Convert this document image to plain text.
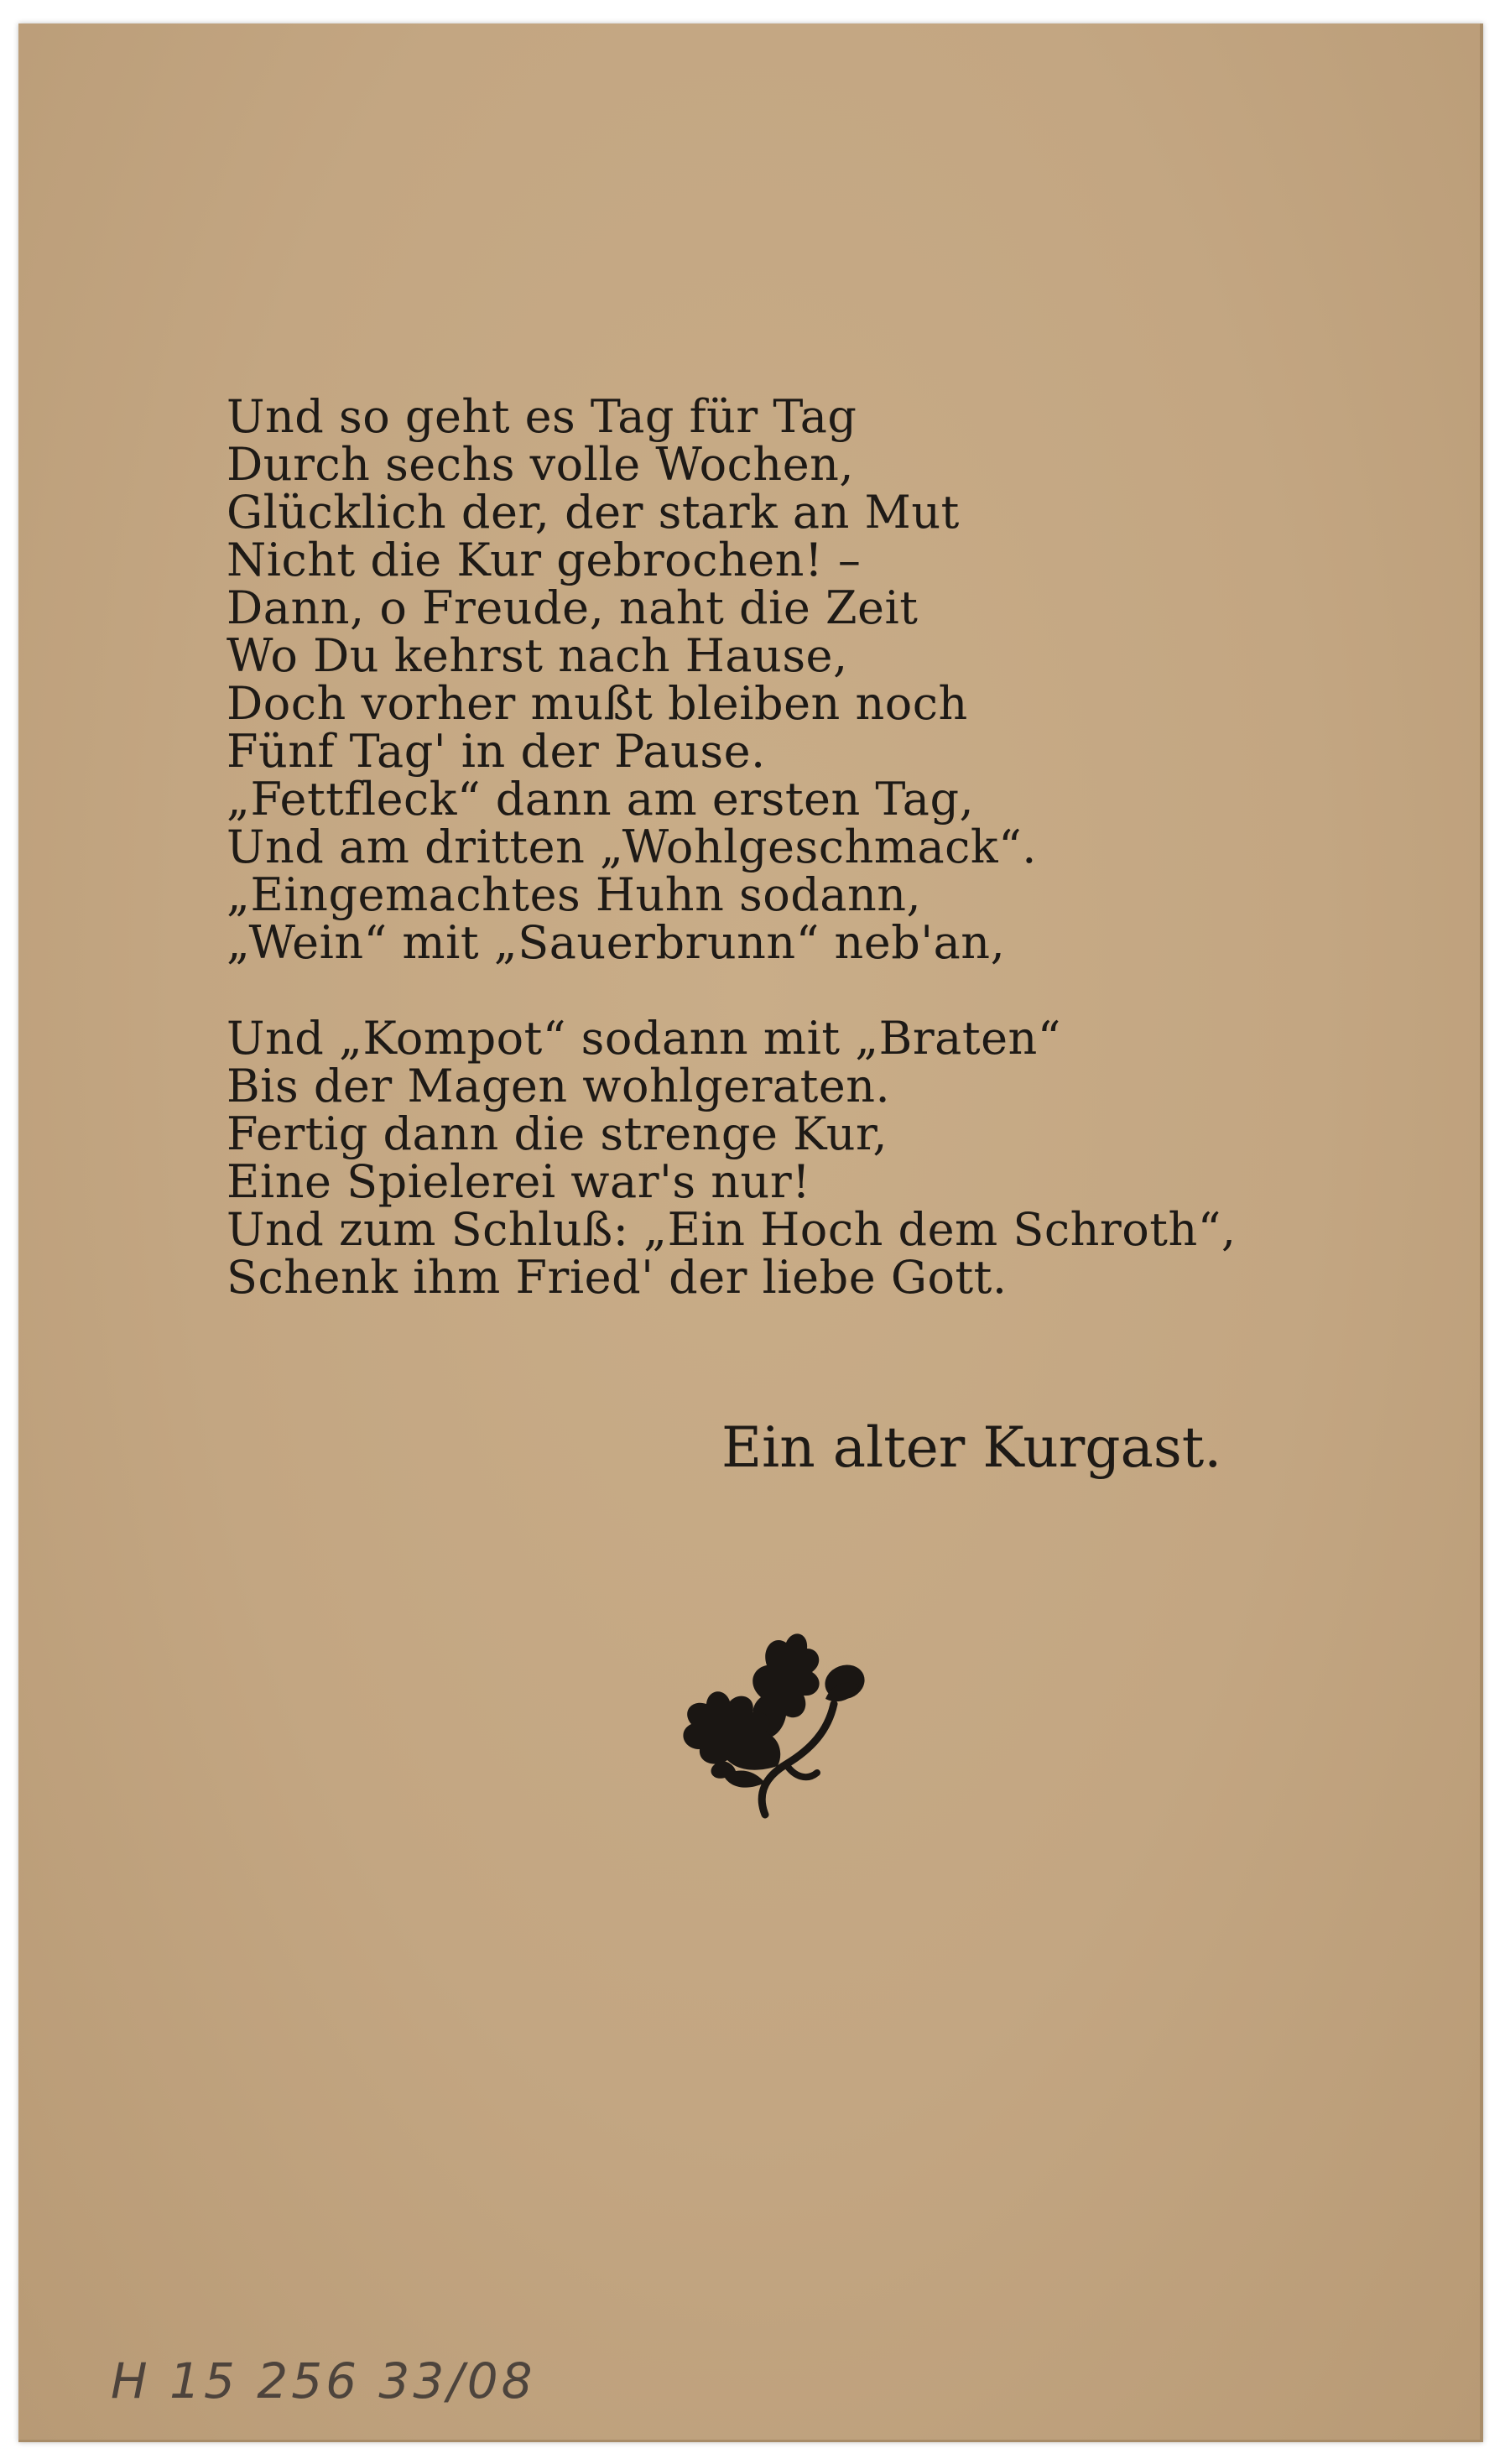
Und so geht es Tag für Tag
Durch sechs volle Wochen,
Glücklich der, der stark an Mut
Nicht die Kur gebrochen! –
Dann, o Freude, naht die Zeit
Wo Du kehrst nach Hause,
Doch vorher mußt bleiben noch
Fünf Tag' in der Pause.
„Fettfleck“ dann am ersten Tag,
Und am dritten „Wohlgeschmack“.
„Eingemachtes Huhn sodann,
„Wein“ mit „Sauerbrunn“ neb'an,
Und „Kompot“ sodann mit „Braten“
Bis der Magen wohlgeraten.
Fertig dann die strenge Kur,
Eine Spielerei war's nur!
Und zum Schluß: „Ein Hoch dem Schroth“,
Schenk ihm Fried' der liebe Gott.
Ein alter Kurgast.
H 15 256 33/08
